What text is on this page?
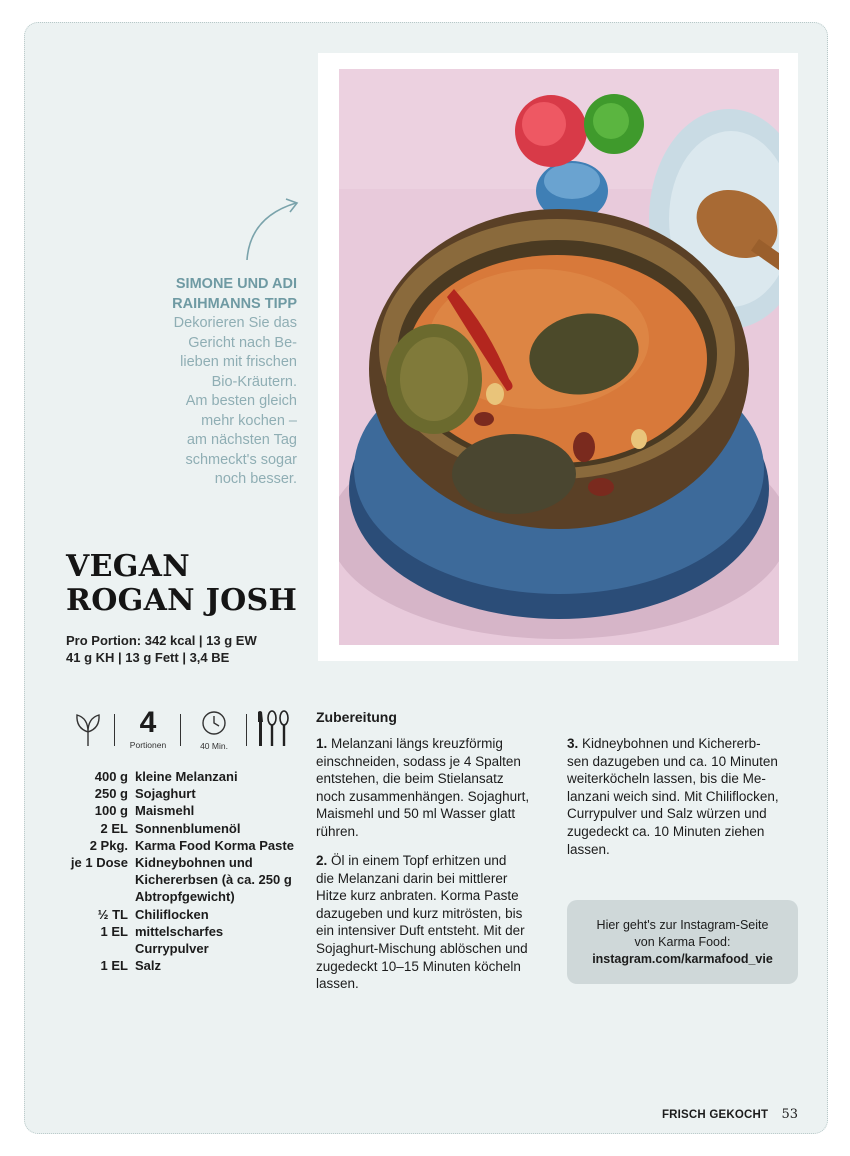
SIMONE UND ADI
RAIHMANNS TIPP
Dekorieren Sie das
Gericht nach Be-
lieben mit frischen
Bio-Kräutern.
Am besten gleich
mehr kochen –
am nächsten Tag
schmeckt's sogar
noch besser.
VEGAN
ROGAN JOSH
Pro Portion: 342 kcal | 13 g EW
41 g KH | 13 g Fett | 3,4 BE
4
Portionen	40 Min.
400 g	kleine Melanzani
250 g	Sojaghurt
100 g	Maismehl
2 EL	Sonnenblumenöl
2 Pkg.	Karma Food Korma Paste
je 1 Dose	Kidneybohnen und
	Kichererbsen (à ca. 250 g
	Abtropfgewicht)
½ TL	Chiliflocken
1 EL	mittelscharfes
	Currypulver
1 EL	Salz
Zubereitung
1. Melanzani längs kreuzförmig
einschneiden, sodass je 4 Spalten
entstehen, die beim Stielansatz
noch zusammenhängen. Sojaghurt,
Maismehl und 50 ml Wasser glatt
rühren.
2. Öl in einem Topf erhitzen und
die Melanzani darin bei mittlerer
Hitze kurz anbraten. Korma Paste
dazugeben und kurz mitrösten, bis
ein intensiver Duft entsteht. Mit der
Sojaghurt-Mischung ablöschen und
zugedeckt 10–15 Minuten köcheln
lassen.
3. Kidneybohnen und Kichererb-
sen dazugeben und ca. 10 Minuten
weiterköcheln lassen, bis die Me-
lanzani weich sind. Mit Chiliflocken,
Currypulver und Salz würzen und
zugedeckt ca. 10 Minuten ziehen
lassen.
Hier geht's zur Instagram-Seite
von Karma Food:
instagram.com/karmafood_vie
FRISCH GEKOCHT 53
